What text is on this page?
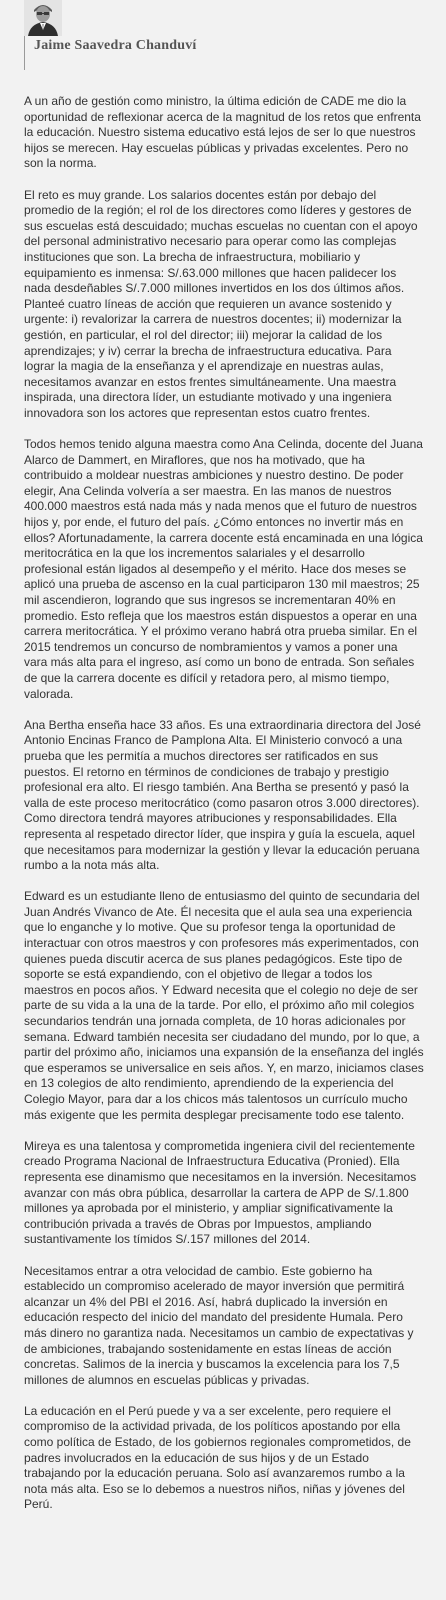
Jaime Saavedra Chanduví

A un año de gestión como ministro, la última edición de CADE me dio la oportunidad de reflexionar acerca de la magnitud de los retos que enfrenta la educación. Nuestro sistema educativo está lejos de ser lo que nuestros hijos se merecen. Hay escuelas públicas y privadas excelentes. Pero no son la norma.

El reto es muy grande. Los salarios docentes están por debajo del promedio de la región; el rol de los directores como líderes y gestores de sus escuelas está descuidado; muchas escuelas no cuentan con el apoyo del personal administrativo necesario para operar como las complejas instituciones que son. La brecha de infraestructura, mobiliario y equipamiento es inmensa: S/.63.000 millones que hacen palidecer los nada desdeñables S/.7.000 millones invertidos en los dos últimos años. Planteé cuatro líneas de acción que requieren un avance sostenido y urgente: i) revalorizar la carrera de nuestros docentes; ii) modernizar la gestión, en particular, el rol del director; iii) mejorar la calidad de los aprendizajes; y iv) cerrar la brecha de infraestructura educativa. Para lograr la magia de la enseñanza y el aprendizaje en nuestras aulas, necesitamos avanzar en estos frentes simultáneamente. Una maestra inspirada, una directora líder, un estudiante motivado y una ingeniera innovadora son los actores que representan estos cuatro frentes.

Todos hemos tenido alguna maestra como Ana Celinda, docente del Juana Alarco de Dammert, en Miraflores, que nos ha motivado, que ha contribuido a moldear nuestras ambiciones y nuestro destino. De poder elegir, Ana Celinda volvería a ser maestra. En las manos de nuestros 400.000 maestros está nada más y nada menos que el futuro de nuestros hijos y, por ende, el futuro del país. ¿Cómo entonces no invertir más en ellos? Afortunadamente, la carrera docente está encaminada en una lógica meritocrática en la que los incrementos salariales y el desarrollo profesional están ligados al desempeño y el mérito. Hace dos meses se aplicó una prueba de ascenso en la cual participaron 130 mil maestros; 25 mil ascendieron, logrando que sus ingresos se incrementaran 40% en promedio. Esto refleja que los maestros están dispuestos a operar en una carrera meritocrática. Y el próximo verano habrá otra prueba similar. En el 2015 tendremos un concurso de nombramientos y vamos a poner una vara más alta para el ingreso, así como un bono de entrada. Son señales de que la carrera docente es difícil y retadora pero, al mismo tiempo, valorada.

Ana Bertha enseña hace 33 años. Es una extraordinaria directora del José Antonio Encinas Franco de Pamplona Alta. El Ministerio convocó a una prueba que les permitía a muchos directores ser ratificados en sus puestos. El retorno en términos de condiciones de trabajo y prestigio profesional era alto. El riesgo también. Ana Bertha se presentó y pasó la valla de este proceso meritocrático (como pasaron otros 3.000 directores). Como directora tendrá mayores atribuciones y responsabilidades. Ella representa al respetado director líder, que inspira y guía la escuela, aquel que necesitamos para modernizar la gestión y llevar la educación peruana rumbo a la nota más alta.

Edward es un estudiante lleno de entusiasmo del quinto de secundaria del Juan Andrés Vivanco de Ate. Él necesita que el aula sea una experiencia que lo enganche y lo motive. Que su profesor tenga la oportunidad de interactuar con otros maestros y con profesores más experimentados, con quienes pueda discutir acerca de sus planes pedagógicos. Este tipo de soporte se está expandiendo, con el objetivo de llegar a todos los maestros en pocos años. Y Edward necesita que el colegio no deje de ser parte de su vida a la una de la tarde. Por ello, el próximo año mil colegios secundarios tendrán una jornada completa, de 10 horas adicionales por semana. Edward también necesita ser ciudadano del mundo, por lo que, a partir del próximo año, iniciamos una expansión de la enseñanza del inglés que esperamos se universalice en seis años. Y, en marzo, iniciamos clases en 13 colegios de alto rendimiento, aprendiendo de la experiencia del Colegio Mayor, para dar a los chicos más talentosos un currículo mucho más exigente que les permita desplegar precisamente todo ese talento.

Mireya es una talentosa y comprometida ingeniera civil del recientemente creado Programa Nacional de Infraestructura Educativa (Pronied). Ella representa ese dinamismo que necesitamos en la inversión. Necesitamos avanzar con más obra pública, desarrollar la cartera de APP de S/.1.800 millones ya aprobada por el ministerio, y ampliar significativamente la contribución privada a través de Obras por Impuestos, ampliando sustantivamente los tímidos S/.157 millones del 2014.

Necesitamos entrar a otra velocidad de cambio. Este gobierno ha establecido un compromiso acelerado de mayor inversión que permitirá alcanzar un 4% del PBI el 2016. Así, habrá duplicado la inversión en educación respecto del inicio del mandato del presidente Humala. Pero más dinero no garantiza nada. Necesitamos un cambio de expectativas y de ambiciones, trabajando sostenidamente en estas líneas de acción concretas. Salimos de la inercia y buscamos la excelencia para los 7,5 millones de alumnos en escuelas públicas y privadas.

La educación en el Perú puede y va a ser excelente, pero requiere el compromiso de la actividad privada, de los políticos apostando por ella como política de Estado, de los gobiernos regionales comprometidos, de padres involucrados en la educación de sus hijos y de un Estado trabajando por la educación peruana. Solo así avanzaremos rumbo a la nota más alta. Eso se lo debemos a nuestros niños, niñas y jóvenes del Perú.
